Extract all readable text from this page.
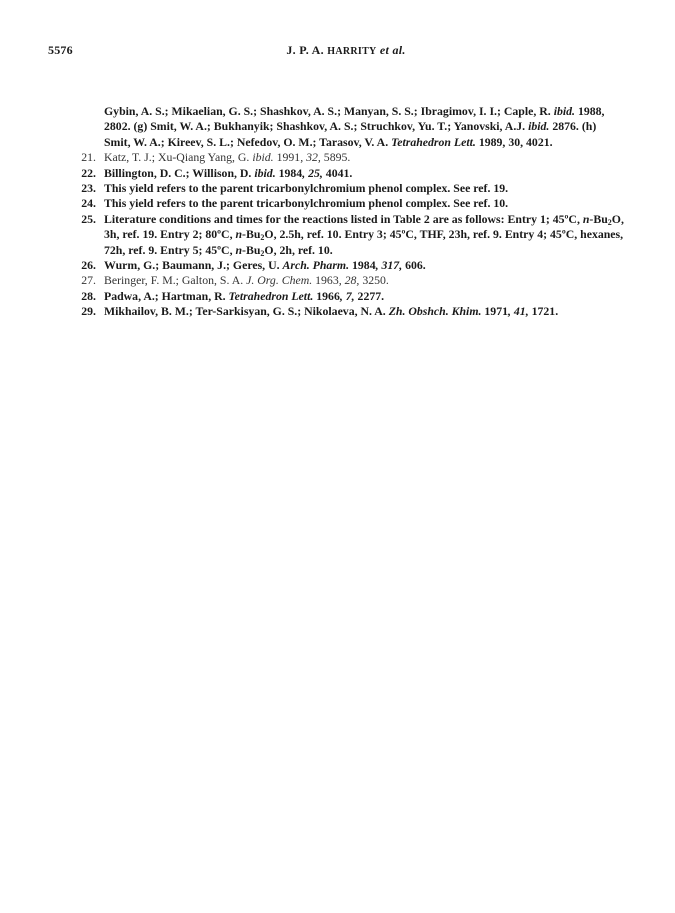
5576	J. P. A. HARRITY et al.
Gybin, A. S.; Mikaelian, G. S.; Shashkov, A. S.; Manyan, S. S.; Ibragimov, I. I.; Caple, R. ibid. 1988, 2802. (g) Smit, W. A.; Bukhanyik; Shashkov, A. S.; Struchkov, Yu. T.; Yanovski, A.J. ibid. 2876. (h) Smit, W. A.; Kireev, S. L.; Nefedov, O. M.; Tarasov, V. A. Tetrahedron Lett. 1989, 30, 4021.
21. Katz, T. J.; Xu-Qiang Yang, G. ibid. 1991, 32, 5895.
22. Billington, D. C.; Willison, D. ibid. 1984, 25, 4041.
23. This yield refers to the parent tricarbonylchromium phenol complex. See ref. 19.
24. This yield refers to the parent tricarbonylchromium phenol complex. See ref. 10.
25. Literature conditions and times for the reactions listed in Table 2 are as follows: Entry 1; 45ºC, $n-Bu_2O$, 3h, ref. 19. Entry 2; 80ºC, $n-Bu_2O$, 2.5h, ref. 10. Entry 3; 45ºC, THF, 23h, ref. 9. Entry 4; 45ºC, hexanes, 72h, ref. 9. Entry 5; 45ºC, $n-Bu_2O$, 2h, ref. 10.
26. Wurm, G.; Baumann, J.; Geres, U. Arch. Pharm. 1984, 317, 606.
27. Beringer, F. M.; Galton, S. A. J. Org. Chem. 1963, 28, 3250.
28. Padwa, A.; Hartman, R. Tetrahedron Lett. 1966, 7, 2277.
29. Mikhailov, B. M.; Ter-Sarkisyan, G. S.; Nikolaeva, N. A. Zh. Obshch. Khim. 1971, 41, 1721.
